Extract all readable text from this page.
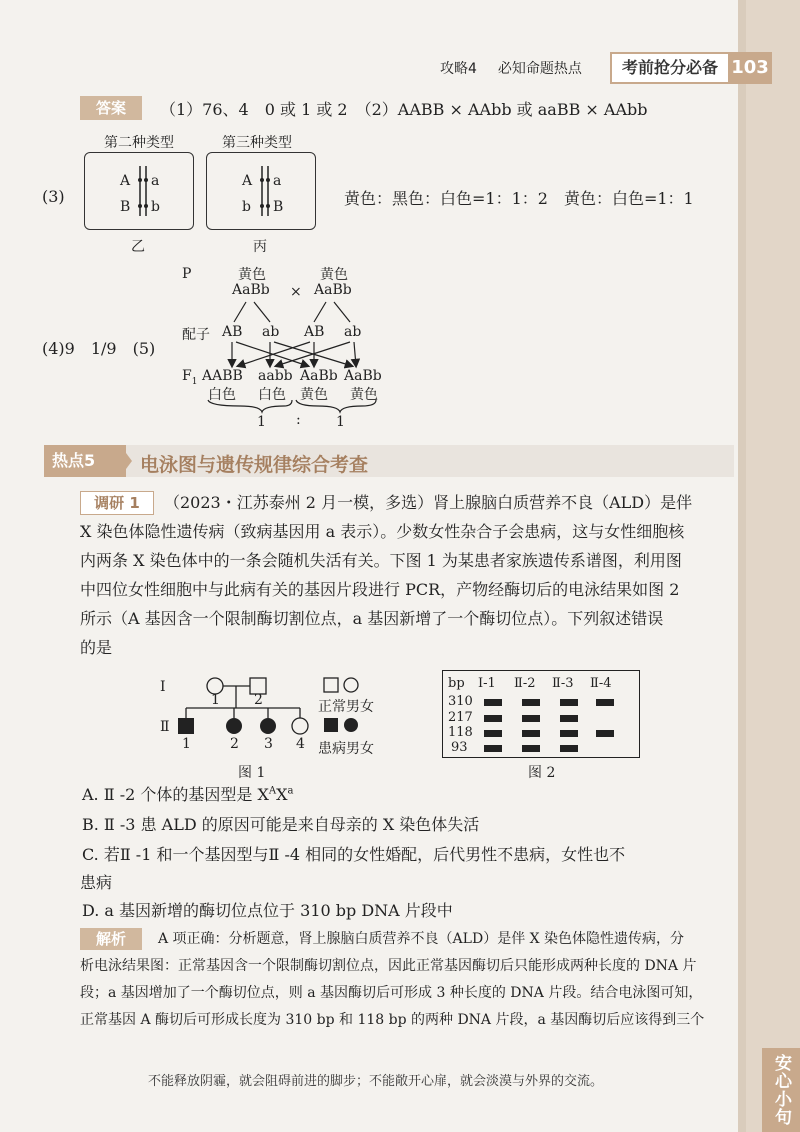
安心小句
攻略4 必知命题热点	考前抢分必备 103
答案	（1）76、4　0 或 1 或 2　（2）AABB × AAbb 或 aaBB × AAbb
(3)
第二种类型	第三种类型
A a
B b
A a
b B
乙	丙
黄色：黑色：白色=1：1：2　黄色：白色=1：1
(4)9　1/9　(5)
P	黄色
AaBb ×
黄色
AaBb
配子 AB ab AB ab
$F_1$ AABB aabb AaBb AaBb
白色 白色 黄色 黄色
1 :	1
热点5	电泳图与遗传规律综合考查
调研 1	（2023・江苏泰州 2 月一模，多选）肾上腺脑白质营养不良（ALD）是伴
X 染色体隐性遗传病（致病基因用 a 表示）。少数女性杂合子会患病，这与女性细胞核
内两条 X 染色体中的一条会随机失活有关。下图 1 为某患者家族遗传系谱图，利用图
中四位女性细胞中与此病有关的基因片段进行 PCR，产物经酶切后的电泳结果如图 2
所示（A 基因含一个限制酶切割位点，a 基因新增了一个酶切位点）。下列叙述错误
的是
Ⅰ
Ⅱ
1 2
1	2 3 4
正常男女
患病男女
图 1
bp Ⅰ-1 Ⅱ-2 Ⅱ-3 Ⅱ-4
310
217
118
93
图 2
A. Ⅱ -2 个体的基因型是 $X^AX^a$
B. Ⅱ -3 患 ALD 的原因可能是来自母亲的 X 染色体失活
C. 若Ⅱ -1 和一个基因型与Ⅱ -4 相同的女性婚配，后代男性不患病，女性也不
患病
D. a 基因新增的酶切位点位于 310 bp DNA 片段中
解析	A 项正确：分析题意，肾上腺脑白质营养不良（ALD）是伴 X 染色体隐性遗传病，分
析电泳结果图：正常基因含一个限制酶切割位点，因此正常基因酶切后只能形成两种长度的 DNA 片
段；a 基因增加了一个酶切位点，则 a 基因酶切后可形成 3 种长度的 DNA 片段。结合电泳图可知，
正常基因 A 酶切后可形成长度为 310 bp 和 118 bp 的两种 DNA 片段，a 基因酶切后应该得到三个
不能释放阴霾，就会阻碍前进的脚步；不能敞开心扉，就会淡漠与外界的交流。
